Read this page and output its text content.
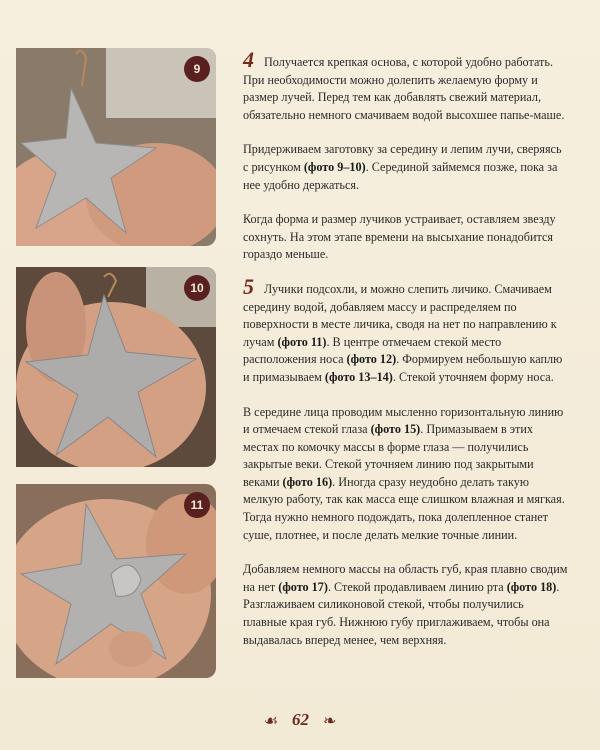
9
10
11

4 Получается крепкая основа, с которой удобно работать. При необходимости можно долепить желаемую форму и размер лучей. Перед тем как добавлять свежий материал, обязательно немного смачиваем водой высохшее папье-маше.

Придерживаем заготовку за середину и лепим лучи, сверяясь с рисунком (фото 9–10). Серединой займемся позже, пока за нее удобно держаться.

Когда форма и размер лучиков устраивает, оставляем звезду сохнуть. На этом этапе времени на высыхание понадобится гораздо меньше.

5 Лучики подсохли, и можно слепить личико. Смачиваем середину водой, добавляем массу и распределяем по поверхности в месте личика, сводя на нет по направлению к лучам (фото 11). В центре отмечаем стекой место расположения носа (фото 12). Формируем небольшую каплю и примазываем (фото 13–14). Стекой уточняем форму носа.

В середине лица проводим мысленно горизонтальную линию и отмечаем стекой глаза (фото 15). Примазываем в этих местах по комочку массы в форме глаза — получились закрытые веки. Стекой уточняем линию под закрытыми веками (фото 16). Иногда сразу неудобно делать такую мелкую работу, так как масса еще слишком влажная и мягкая. Тогда нужно немного подождать, пока долепленное станет суше, плотнее, и после делать мелкие точные линии.

Добавляем немного массы на область губ, края плавно сводим на нет (фото 17). Стекой продавливаем линию рта (фото 18). Разглаживаем силиконовой стекой, чтобы получились плавные края губ. Нижнюю губу приглаживаем, чтобы она выдавалась вперед менее, чем верхняя.

☙ 62 ❧
